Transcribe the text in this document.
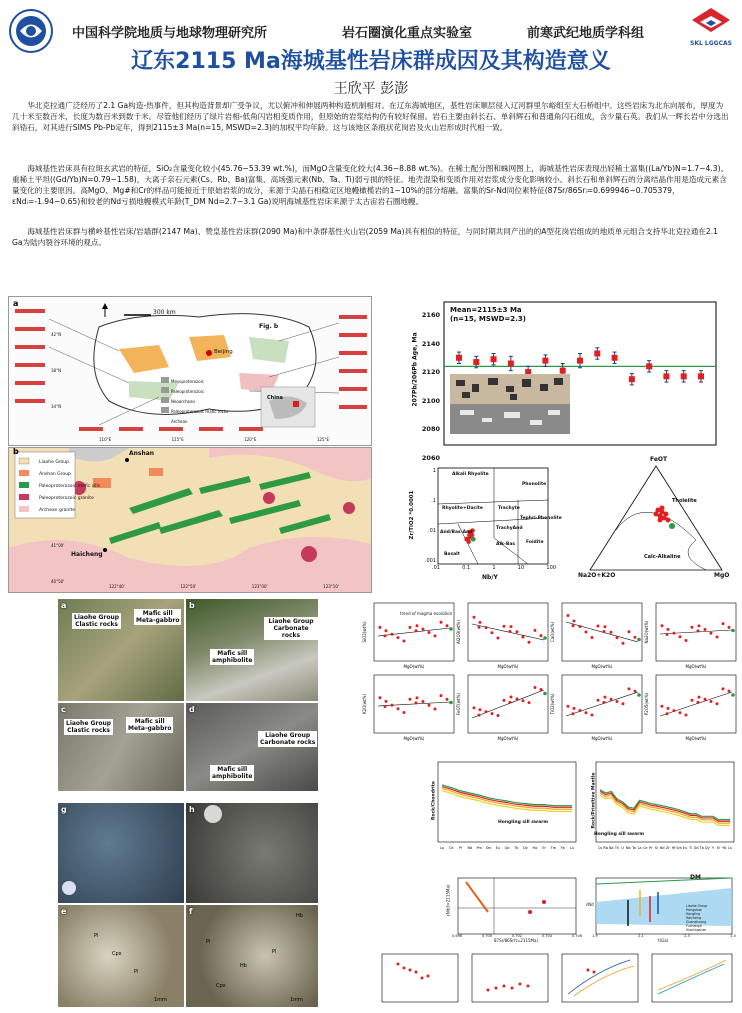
中国科学院地质与地球物理研究所	岩石圈演化重点实验室	前寒武纪地质学科组
SKL LGGCAS
辽东2115 Ma海城基性岩床群成因及其构造意义
王欣平 彭澎

华北克拉通广泛经历了2.1 Ga构造-热事件，但其构造背景却广受争议，尤以俯冲和伸展两种构造机制相对。在辽东海城地区，基性岩床顺层侵入辽河群里尔峪组至大石桥组中。这些岩床为北东向展布，厚度为几十米至数百米，长度为数百米到数千米。尽管他们经历了绿片岩相-低角闪岩相变质作用，但原始的岩浆结构仍有较好保留。岩石主要由斜长石、单斜辉石和普通角闪石组成，含少量石英。我们从一辉长岩中分选出斜锆石，对其进行SIMS Pb-Pb定年，得到2115±3 Ma(n=15, MSWD=2.3)的加权平均年龄。这与该地区条痕状花岗岩及火山岩形成时代相一致。

海城基性岩床具有拉斑玄武岩的特征，SiO₂含量变化较小(45.76~53.39 wt.%)，而MgO含量变化较大(4.36~8.88 wt.%)。在稀土配分图和蛛网图上，海城基性岩床表现出轻稀土富集((La/Yb)N=1.7~4.3)、重稀土平坦((Gd/Yb)N=0.79~1.58)，大离子亲石元素(Cs、Rb、Ba)富集、高场强元素(Nb、Ta、Ti)弱亏损的特征。地壳混染和变质作用对岩浆成分变化影响较小。斜长石和单斜辉石的分离结晶作用是造成元素含量变化的主要原因。高MgO、Mg#和Cr的样品可能接近于原始岩浆的成分，来源于尖晶石相稳定区地幔橄榄岩的1~10%的部分熔融。富集的Sr-Nd同位素特征(87Sr/86Srᵢ=0.699946~0.705379，εNdᵢ=-1.94~0.65)和较老的Nd亏损地幔模式年龄(T_DM Nd=2.7~3.1 Ga)说明海城基性岩床来源于太古宙岩石圈地幔。

海城基性岩床群与横岭基性岩床/岩墙群(2147 Ma)、赞皇基性岩床群(2090 Ma)和中条群基性火山岩(2059 Ma)具有相似的特征，与同时期共同产出的的A型花岗岩组成的地质单元组合支持华北克拉通在2.1 Ga为陆内裂谷环境的观点。

a
300 km
Fig. b
Beijing
China
Mesoproterozoic
Paleoproterozoic
Neoarchean
Paleoproterozoic mafic rocks
Archean
110°E	115°E	120°E	125°E
42°N
38°N
34°N
b
Liaohe Group
Anshan Group
Paleoproterozoic mafic sills
Paleoproterozoic granite
Archean granite
Anshan
Haicheng
122°40'	122°50'	123°00'	123°10'
41°00'
40°50'
Mean=2115±3 Ma
(n=15, MSWD=2.3)
207Pb/206Pb Age, Ma
2060
2080
2100
2120
2140
2160
Zr/TiO2 *0.0001
Nb/Y
.01	0.1	1	10	100
.001
.01
.1
1
Alkali Rhyolite
Phonolite
Rhyolite+Dacite	Trachyte
Tephri-Phonolite
TrachyAnd
And/Bas-And
Alk-Bas Foidite
Basalt
FeOT
Na2O+K2O	MgO
Tholeiite
Calc-Alkaline
a
Liaohe Group
Clastic rocks
Mafic sill
Meta-gabbro
b
Liaohe Group
Carbonate rocks
Mafic sill
amphibolite
c
Liaohe Group
Clastic rocks
Mafic sill
Meta-gabbro
d
Liaohe Group
Carbonate rocks
Mafic sill
amphibolite
g	h
e
Pl
Cpx
Pl
1mm
f
Pl
Hb
Hb
Pl
Cpx
1mm
SiO2(wt%)
MgO(wt%)
Al2O3(wt%)
MgO(wt%)
CaO(wt%)
MgO(wt%)
Na2O(wt%)
MgO(wt%)
K2O(wt%)
MgO(wt%)
FeOT(wt%)
MgO(wt%)
TiO2(wt%)
MgO(wt%)
P2O5(wt%)
MgO(wt%)
trend of magma evolution
La Ce Pr Nd Pm Sm Eu Gd Tb Dy Ho Er Tm Yb Lu	Cs Rb Ba Th U Nb Ta La Ce Pr Sr Nd Zr Hf Sm Eu Ti Gd Tb Dy Y Er Yb Lu
Rock/Chondrite	Rock/Primitive Mantle
Hongling sill swarm
Hongling sill swarm
εNd(t=2115Ma)
87Sr/86Sr(t=2115Ma)
0.698	0.700	0.702	0.704	0.706
DM
εNd
t(Ga)
1.9	2.1	2.3	2.5
Liaohe Group
Hongshan
Hongling
Haicheng
Guanzhuang
Fuchengzi
Xiaolingshan
